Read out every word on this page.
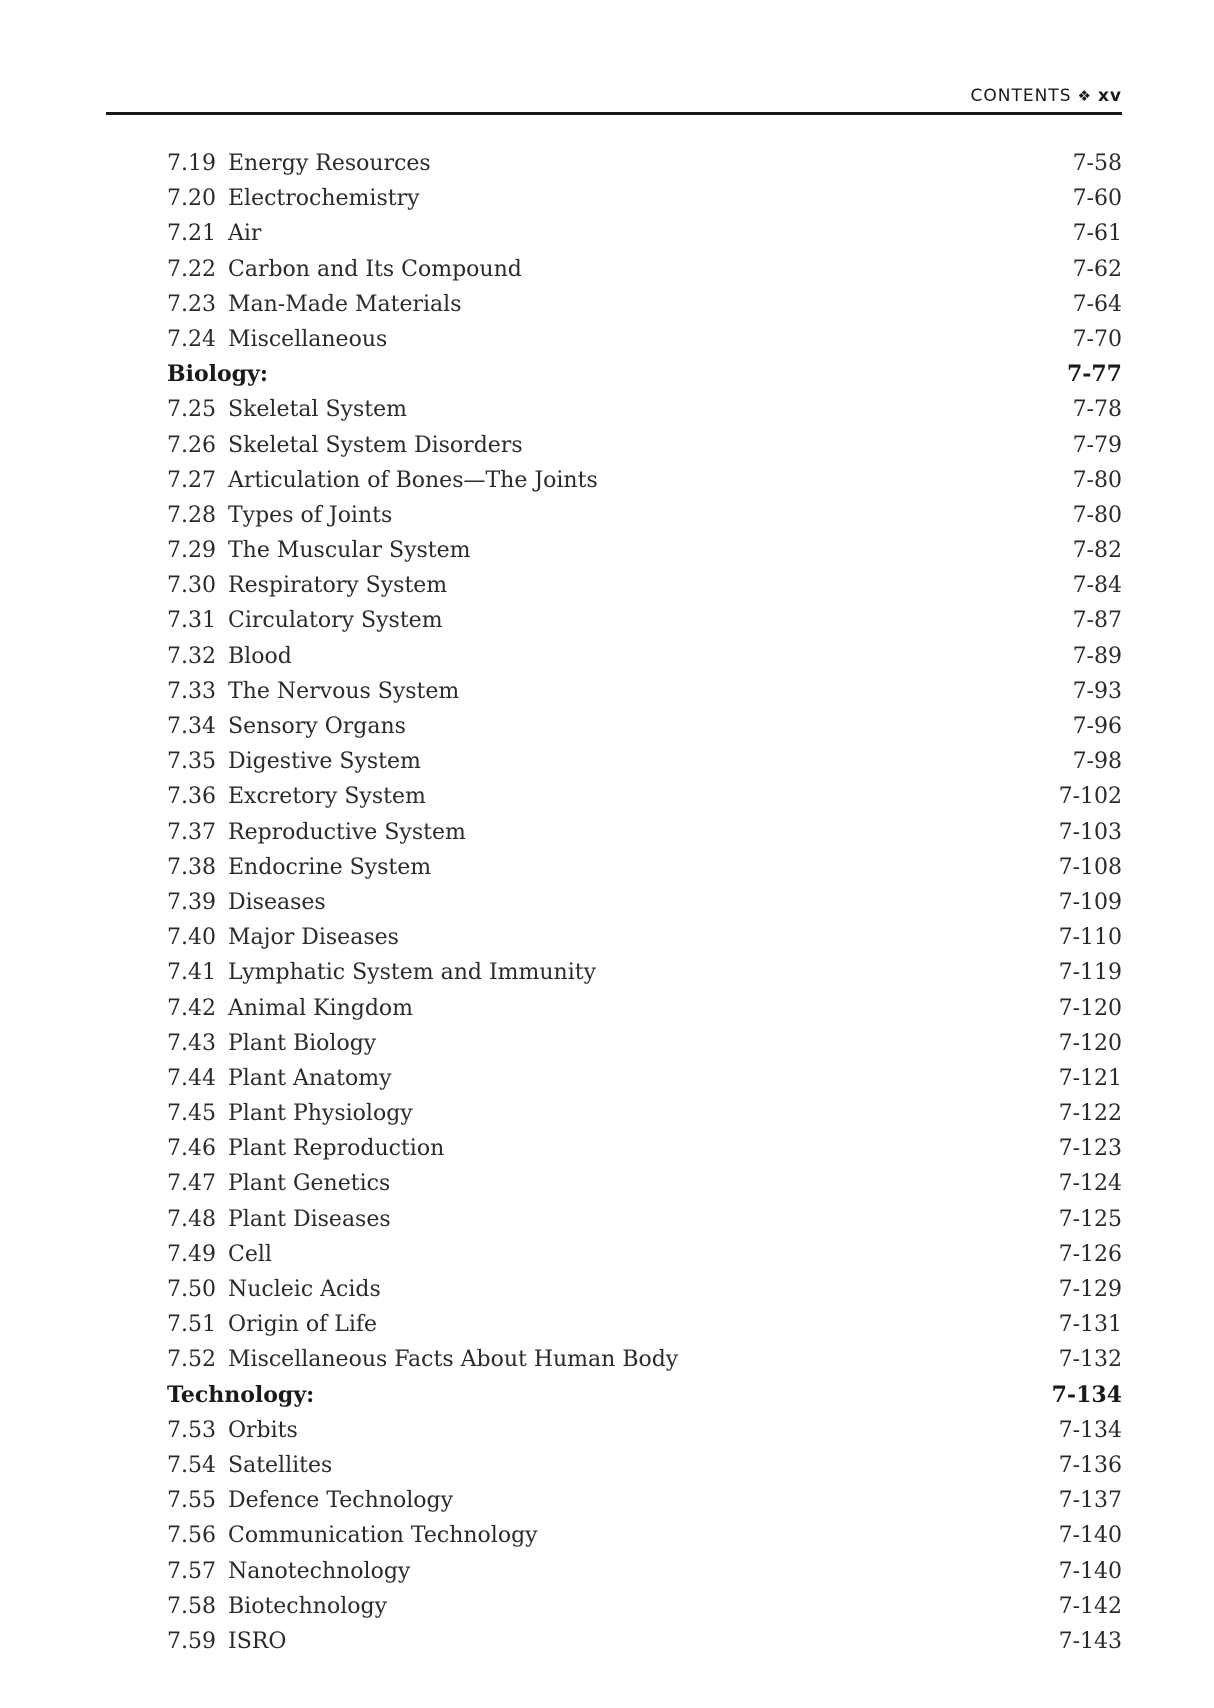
CONTENTS ❖ xv
7.19 Energy Resources	7-58
7.20 Electrochemistry	7-60
7.21 Air	7-61
7.22 Carbon and Its Compound	7-62
7.23 Man-Made Materials	7-64
7.24 Miscellaneous	7-70
Biology:	7-77
7.25 Skeletal System	7-78
7.26 Skeletal System Disorders	7-79
7.27 Articulation of Bones—The Joints	7-80
7.28 Types of Joints	7-80
7.29 The Muscular System	7-82
7.30 Respiratory System	7-84
7.31 Circulatory System	7-87
7.32 Blood	7-89
7.33 The Nervous System	7-93
7.34 Sensory Organs	7-96
7.35 Digestive System	7-98
7.36 Excretory System	7-102
7.37 Reproductive System	7-103
7.38 Endocrine System	7-108
7.39 Diseases	7-109
7.40 Major Diseases	7-110
7.41 Lymphatic System and Immunity	7-119
7.42 Animal Kingdom	7-120
7.43 Plant Biology	7-120
7.44 Plant Anatomy	7-121
7.45 Plant Physiology	7-122
7.46 Plant Reproduction	7-123
7.47 Plant Genetics	7-124
7.48 Plant Diseases	7-125
7.49 Cell	7-126
7.50 Nucleic Acids	7-129
7.51 Origin of Life	7-131
7.52 Miscellaneous Facts About Human Body	7-132
Technology:	7-134
7.53 Orbits	7-134
7.54 Satellites	7-136
7.55 Defence Technology	7-137
7.56 Communication Technology	7-140
7.57 Nanotechnology	7-140
7.58 Biotechnology	7-142
7.59 ISRO	7-143
